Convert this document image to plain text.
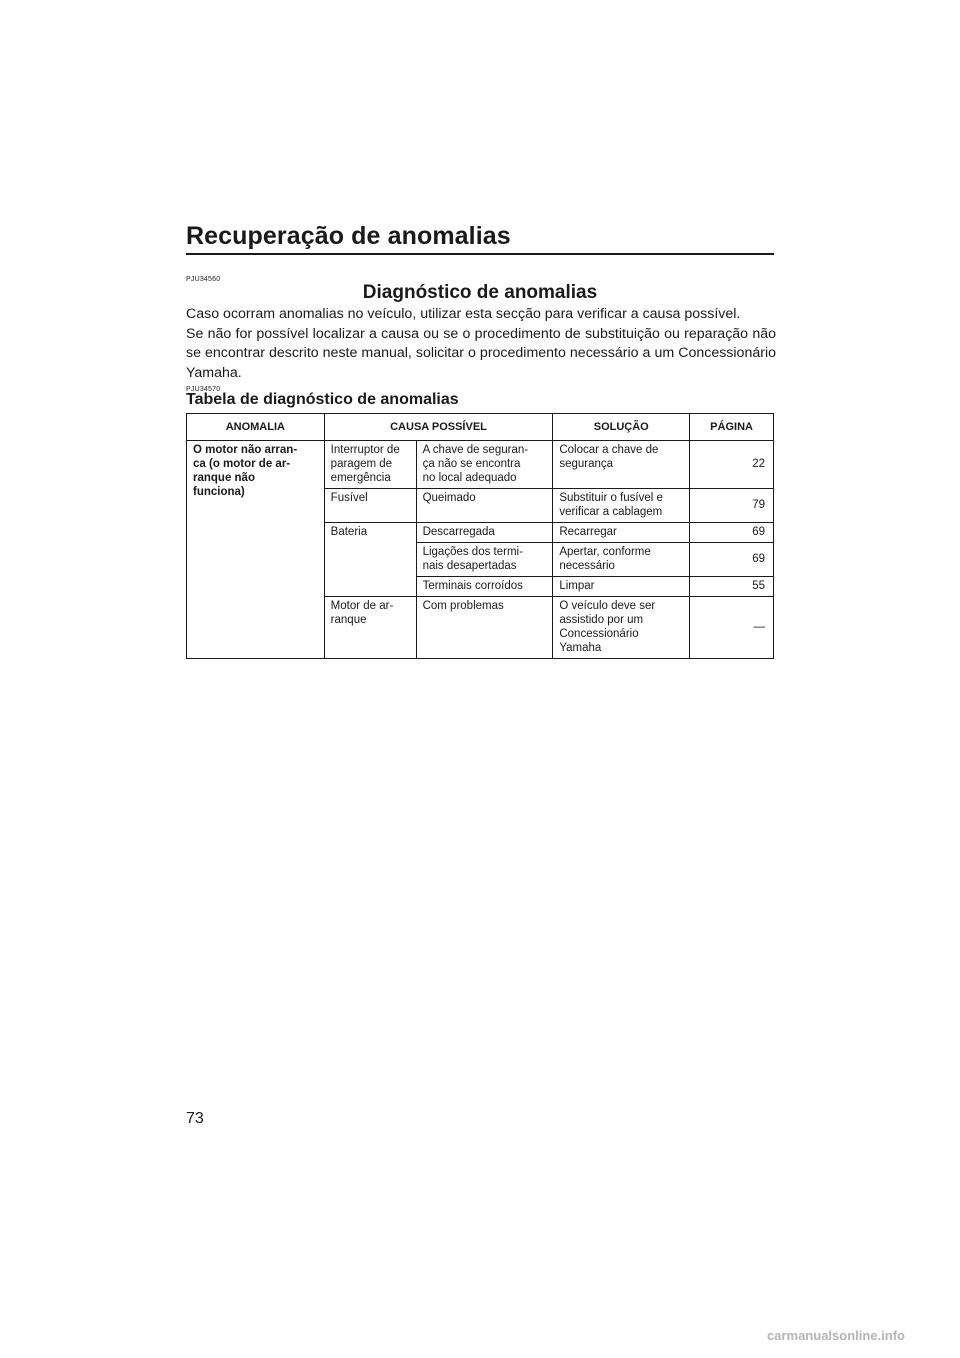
Recuperação de anomalias
PJU34560
Diagnóstico de anomalias

Caso ocorram anomalias no veículo, utilizar esta secção para verificar a causa possível.

Se não for possível localizar a causa ou se o procedimento de substituição ou reparação não se encontrar descrito neste manual, solicitar o procedimento necessário a um Concessionário Yamaha.

PJU34570
Tabela de diagnóstico de anomalias
ANOMALIA	CAUSA POSSÍVEL		SOLUÇÃO	PÁGINA
O motor não arran-
ca (o motor de ar-
ranque não
funciona)	Interruptor de
paragem de
emergência	A chave de seguran-
ça não se encontra
no local adequado	Colocar a chave de
segurança	22
	Fusível	Queimado	Substituir o fusível e
verificar a cablagem	79
	Bateria	Descarregada	Recarregar	69
		Ligações dos termi-
nais desapertadas	Apertar, conforme
necessário	69
		Terminais corroídos	Limpar	55
	Motor de ar-
ranque	Com problemas	O veículo deve ser
assistido por um
Concessionário
Yamaha	—
73
carmanualsonline.info
